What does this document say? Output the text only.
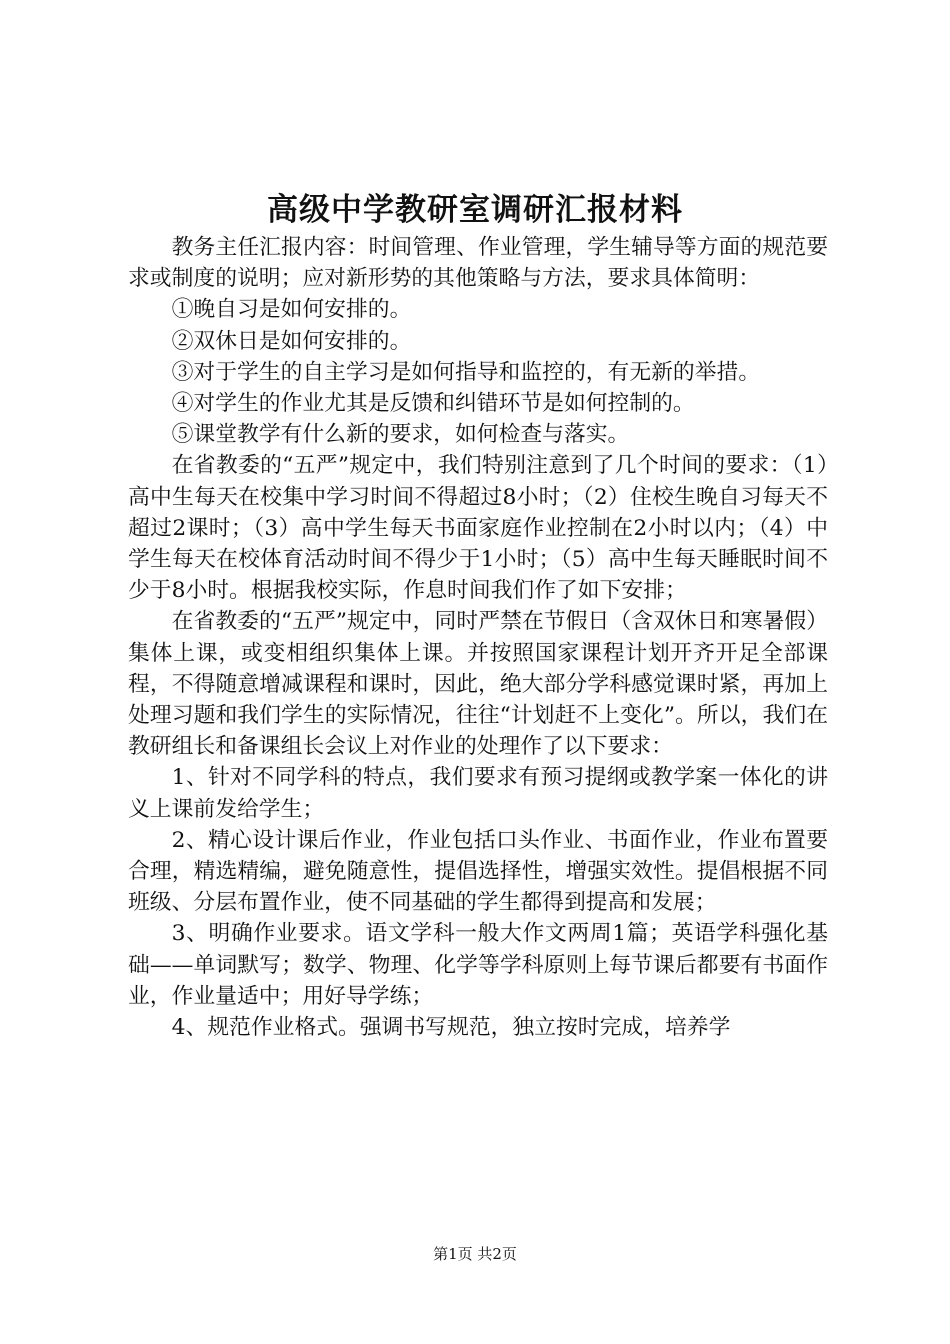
高级中学教研室调研汇报材料

教务主任汇报内容：时间管理、作业管理，学生辅导等方面的规范要求或制度的说明；应对新形势的其他策略与方法，要求具体简明：

①晚自习是如何安排的。

②双休日是如何安排的。

③对于学生的自主学习是如何指导和监控的，有无新的举措。

④对学生的作业尤其是反馈和纠错环节是如何控制的。

⑤课堂教学有什么新的要求，如何检查与落实。

在省教委的“五严”规定中，我们特别注意到了几个时间的要求：（1）高中生每天在校集中学习时间不得超过8小时；（2）住校生晚自习每天不超过2课时；（3）高中学生每天书面家庭作业控制在2小时以内；（4）中学生每天在校体育活动时间不得少于1小时；（5）高中生每天睡眠时间不少于8小时。根据我校实际，作息时间我们作了如下安排；

在省教委的“五严”规定中，同时严禁在节假日（含双休日和寒暑假）集体上课，或变相组织集体上课。并按照国家课程计划开齐开足全部课程，不得随意增减课程和课时，因此，绝大部分学科感觉课时紧，再加上处理习题和我们学生的实际情况，往往“计划赶不上变化”。所以，我们在教研组长和备课组长会议上对作业的处理作了以下要求：

1、针对不同学科的特点，我们要求有预习提纲或教学案一体化的讲义上课前发给学生；

2、精心设计课后作业，作业包括口头作业、书面作业，作业布置要合理，精选精编，避免随意性，提倡选择性，增强实效性。提倡根据不同班级、分层布置作业，使不同基础的学生都得到提高和发展；

3、明确作业要求。语文学科一般大作文两周1篇；英语学科强化基础——单词默写；数学、物理、化学等学科原则上每节课后都要有书面作业，作业量适中；用好导学练；

4、规范作业格式。强调书写规范，独立按时完成，培养学

第1页 共2页
